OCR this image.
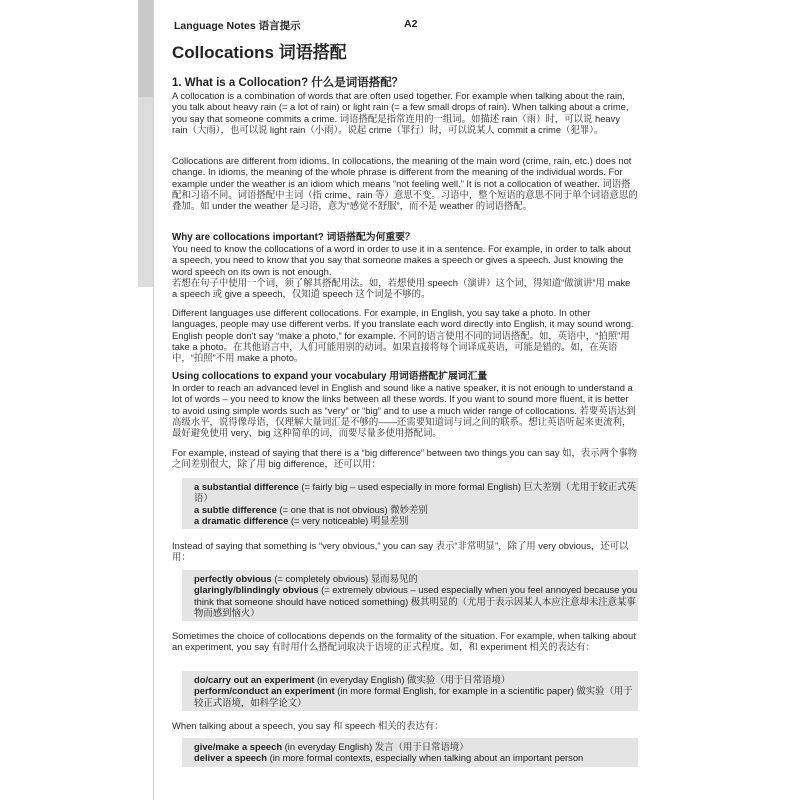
Language Notes 语言提示	A2
Collocations 词语搭配
1. What is a Collocation? 什么是词语搭配？

A collocation is a combination of words that are often used together. For example when talking about the rain, you talk about heavy rain (= a lot of rain) or light rain (= a few small drops of rain). When talking about a crime, you say that someone commits a crime. 词语搭配是指常连用的一组词。如描述 rain（雨）时，可以说 heavy rain（大雨），也可以说 light rain（小雨）。说起 crime（罪行）时，可以说某人 commit a crime（犯罪）。

Collocations are different from idioms. In collocations, the meaning of the main word (crime, rain, etc.) does not change. In idioms, the meaning of the whole phrase is different from the meaning of the individual words. For example under the weather is an idiom which means “not feeling well.” It is not a collocation of weather. 词语搭配和习语不同。词语搭配中主词（指 crime、rain 等）意思不变。习语中，整个短语的意思不同于单个词语意思的叠加。如 under the weather 是习语，意为“感觉不舒服”，而不是 weather 的词语搭配。

Why are collocations important? 词语搭配为何重要？

You need to know the collocations of a word in order to use it in a sentence. For example, in order to talk about a speech, you need to know that you say that someone makes a speech or gives a speech. Just knowing the word speech on its own is not enough.

若想在句子中使用一个词，须了解其搭配用法。如，若想使用 speech（演讲）这个词，得知道“做演讲”用 make a speech 或 give a speech，仅知道 speech 这个词是不够的。

Different languages use different collocations. For example, in English, you say take a photo. In other languages, people may use different verbs. If you translate each word directly into English, it may sound wrong. English people don't say “make a photo,” for example. 不同的语言使用不同的词语搭配。如，英语中，“拍照”用 take a photo。在其他语言中，人们可能用别的动词。如果直接将每个词译成英语，可能是错的。如，在英语中，“拍照”不用 make a photo。

Using collocations to expand your vocabulary 用词语搭配扩展词汇量

In order to reach an advanced level in English and sound like a native speaker, it is not enough to understand a lot of words – you need to know the links between all these words. If you want to sound more fluent, it is better to avoid using simple words such as “very” or “big” and to use a much wider range of collocations. 若要英语达到高级水平，说得像母语，仅理解大量词汇是不够的——还需要知道词与词之间的联系。想让英语听起来更流利，最好避免使用 very、big 这种简单的词，而要尽量多使用搭配词。

For example, instead of saying that there is a “big difference” between two things you can say 如，表示两个事物之间差别很大，除了用 big difference，还可以用：

a substantial difference (= fairly big – used especially in more formal English) 巨大差别（尤用于较正式英语）
a subtle difference (= one that is not obvious) 微妙差别
a dramatic difference (= very noticeable) 明显差别

Instead of saying that something is “very obvious,” you can say 表示“非常明显”，除了用 very obvious，还可以用：

perfectly obvious (= completely obvious) 显而易见的
glaringly/blindingly obvious (= extremely obvious – used especially when you feel annoyed because you think that someone should have noticed something) 极其明显的（尤用于表示因某人本应注意却未注意某事物而感到恼火）

Sometimes the choice of collocations depends on the formality of the situation. For example, when talking about an experiment, you say 有时用什么搭配词取决于语境的正式程度。如，和 experiment 相关的表达有：

do/carry out an experiment (in everyday English) 做实验（用于日常语境）
perform/conduct an experiment (in more formal English, for example in a scientific paper) 做实验（用于较正式语境，如科学论文）

When talking about a speech, you say 和 speech 相关的表达有：

give/make a speech (in everyday English) 发言（用于日常语境）
deliver a speech (in more formal contexts, especially when talking about an important person
